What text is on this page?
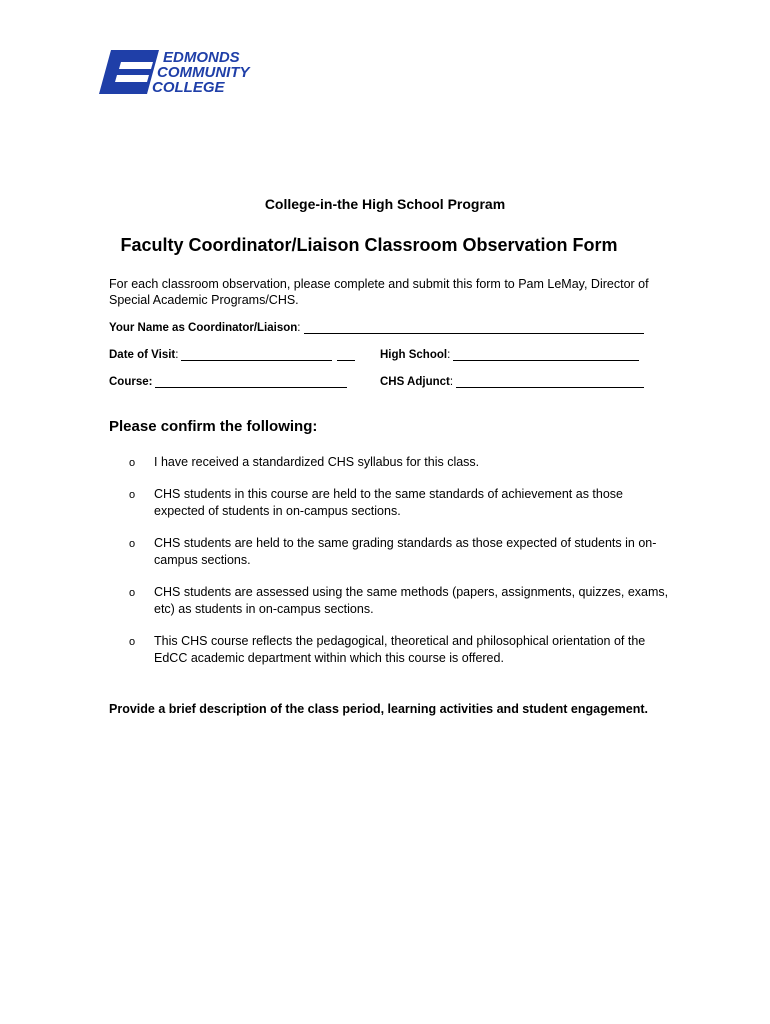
EDMONDS
COMMUNITY
COLLEGE
College-in-the High School Program
Faculty Coordinator/Liaison Classroom Observation Form
For each classroom observation, please complete and submit this form to Pam LeMay, Director of Special Academic Programs/CHS.
Your Name as Coordinator/Liaison :
Date of Visit :	High School :
Course:	CHS Adjunct :
Please confirm the following:
o I have received a standardized CHS syllabus for this class.
o CHS students in this course are held to the same standards of achievement as those expected of students in on-campus sections.
o CHS students are held to the same grading standards as those expected of students in on-campus sections.
o CHS students are assessed using the same methods (papers, assignments, quizzes, exams, etc) as students in on-campus sections.
o This CHS course reflects the pedagogical, theoretical and philosophical orientation of the EdCC academic department within which this course is offered.
Provide a brief description of the class period, learning activities and student engagement.
